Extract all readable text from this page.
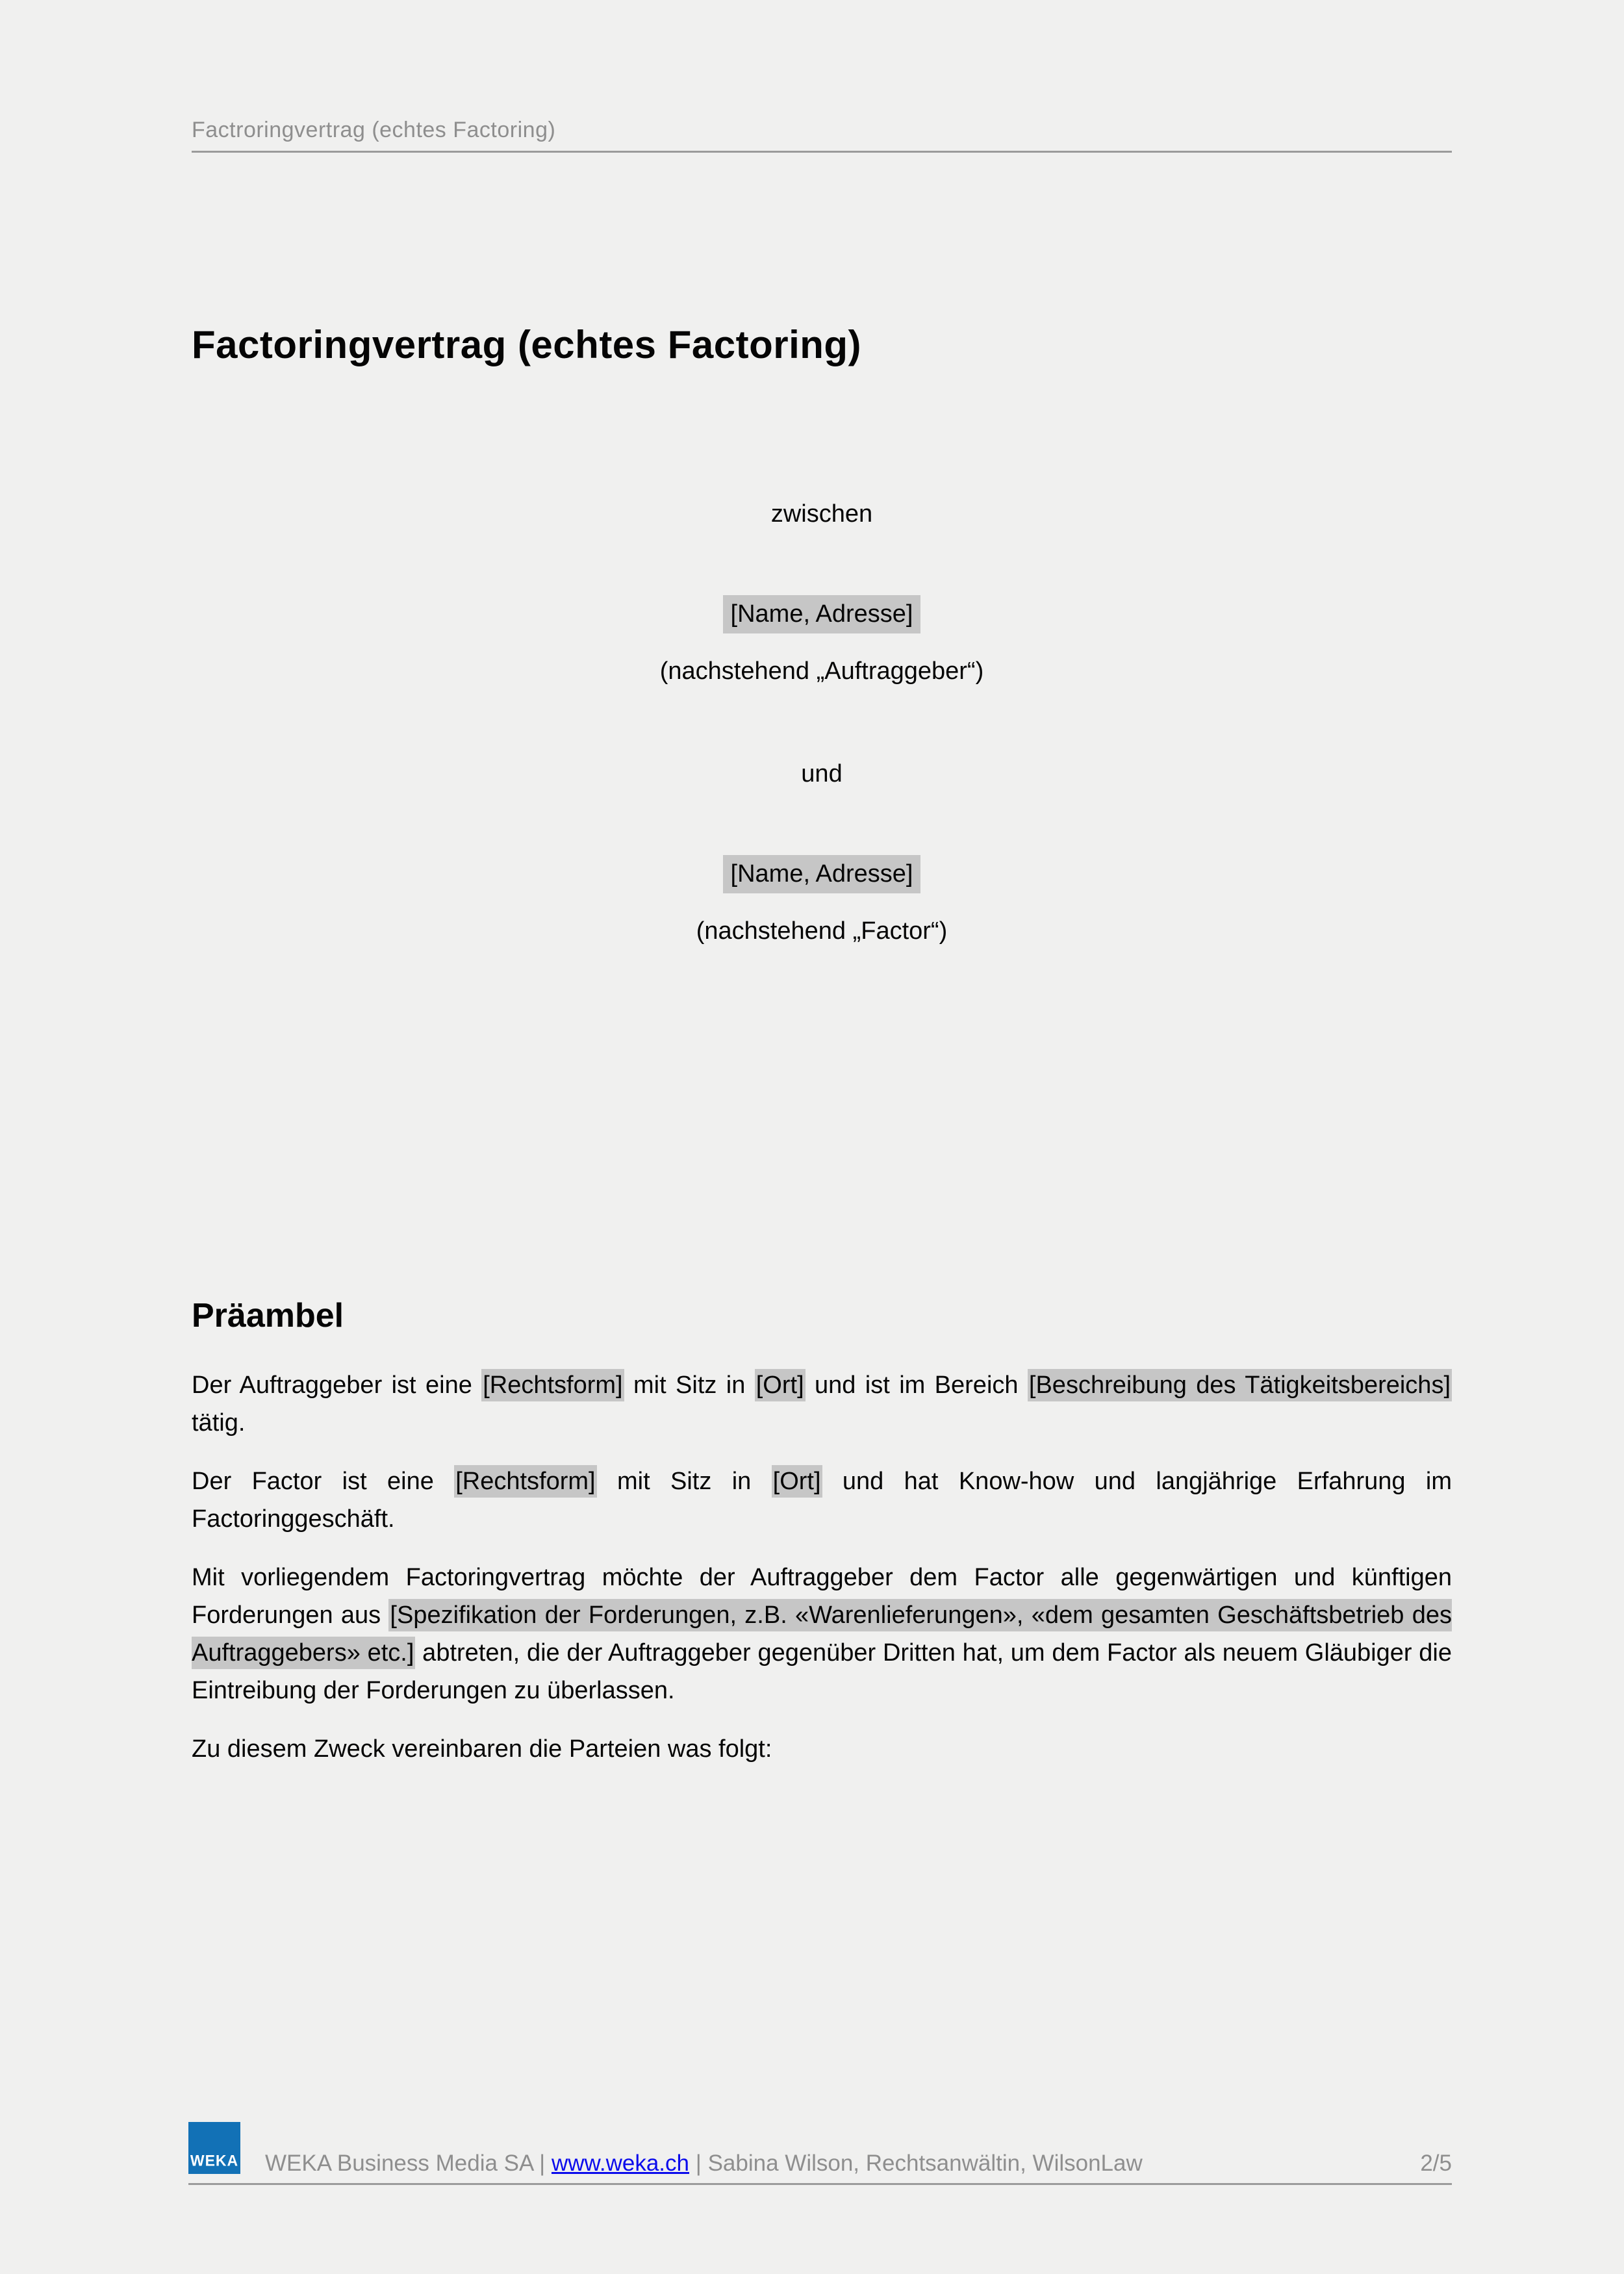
Factroringvertrag (echtes Factoring)
Factoringvertrag (echtes Factoring)
zwischen
[Name, Adresse]
(nachstehend „Auftraggeber“)
und
[Name, Adresse]
(nachstehend „Factor“)
Präambel

Der Auftraggeber ist eine [Rechtsform] mit Sitz in [Ort] und ist im Bereich [Beschreibung des Tätigkeitsbereichs] tätig.

Der Factor ist eine [Rechtsform] mit Sitz in [Ort] und hat Know-how und langjährige Erfahrung im Factoringgeschäft.

Mit vorliegendem Factoringvertrag möchte der Auftraggeber dem Factor alle gegenwärtigen und künftigen Forderungen aus [Spezifikation der Forderungen, z.B. «Warenlieferungen», «dem gesamten Geschäftsbetrieb des Auftraggebers» etc.] abtreten, die der Auftraggeber gegenüber Dritten hat, um dem Factor als neuem Gläubiger die Eintreibung der Forderungen zu überlassen.

Zu diesem Zweck vereinbaren die Parteien was folgt:

WEKA WEKA Business Media SA | www.weka.ch | Sabina Wilson, Rechtsanwältin, WilsonLaw	2/5
